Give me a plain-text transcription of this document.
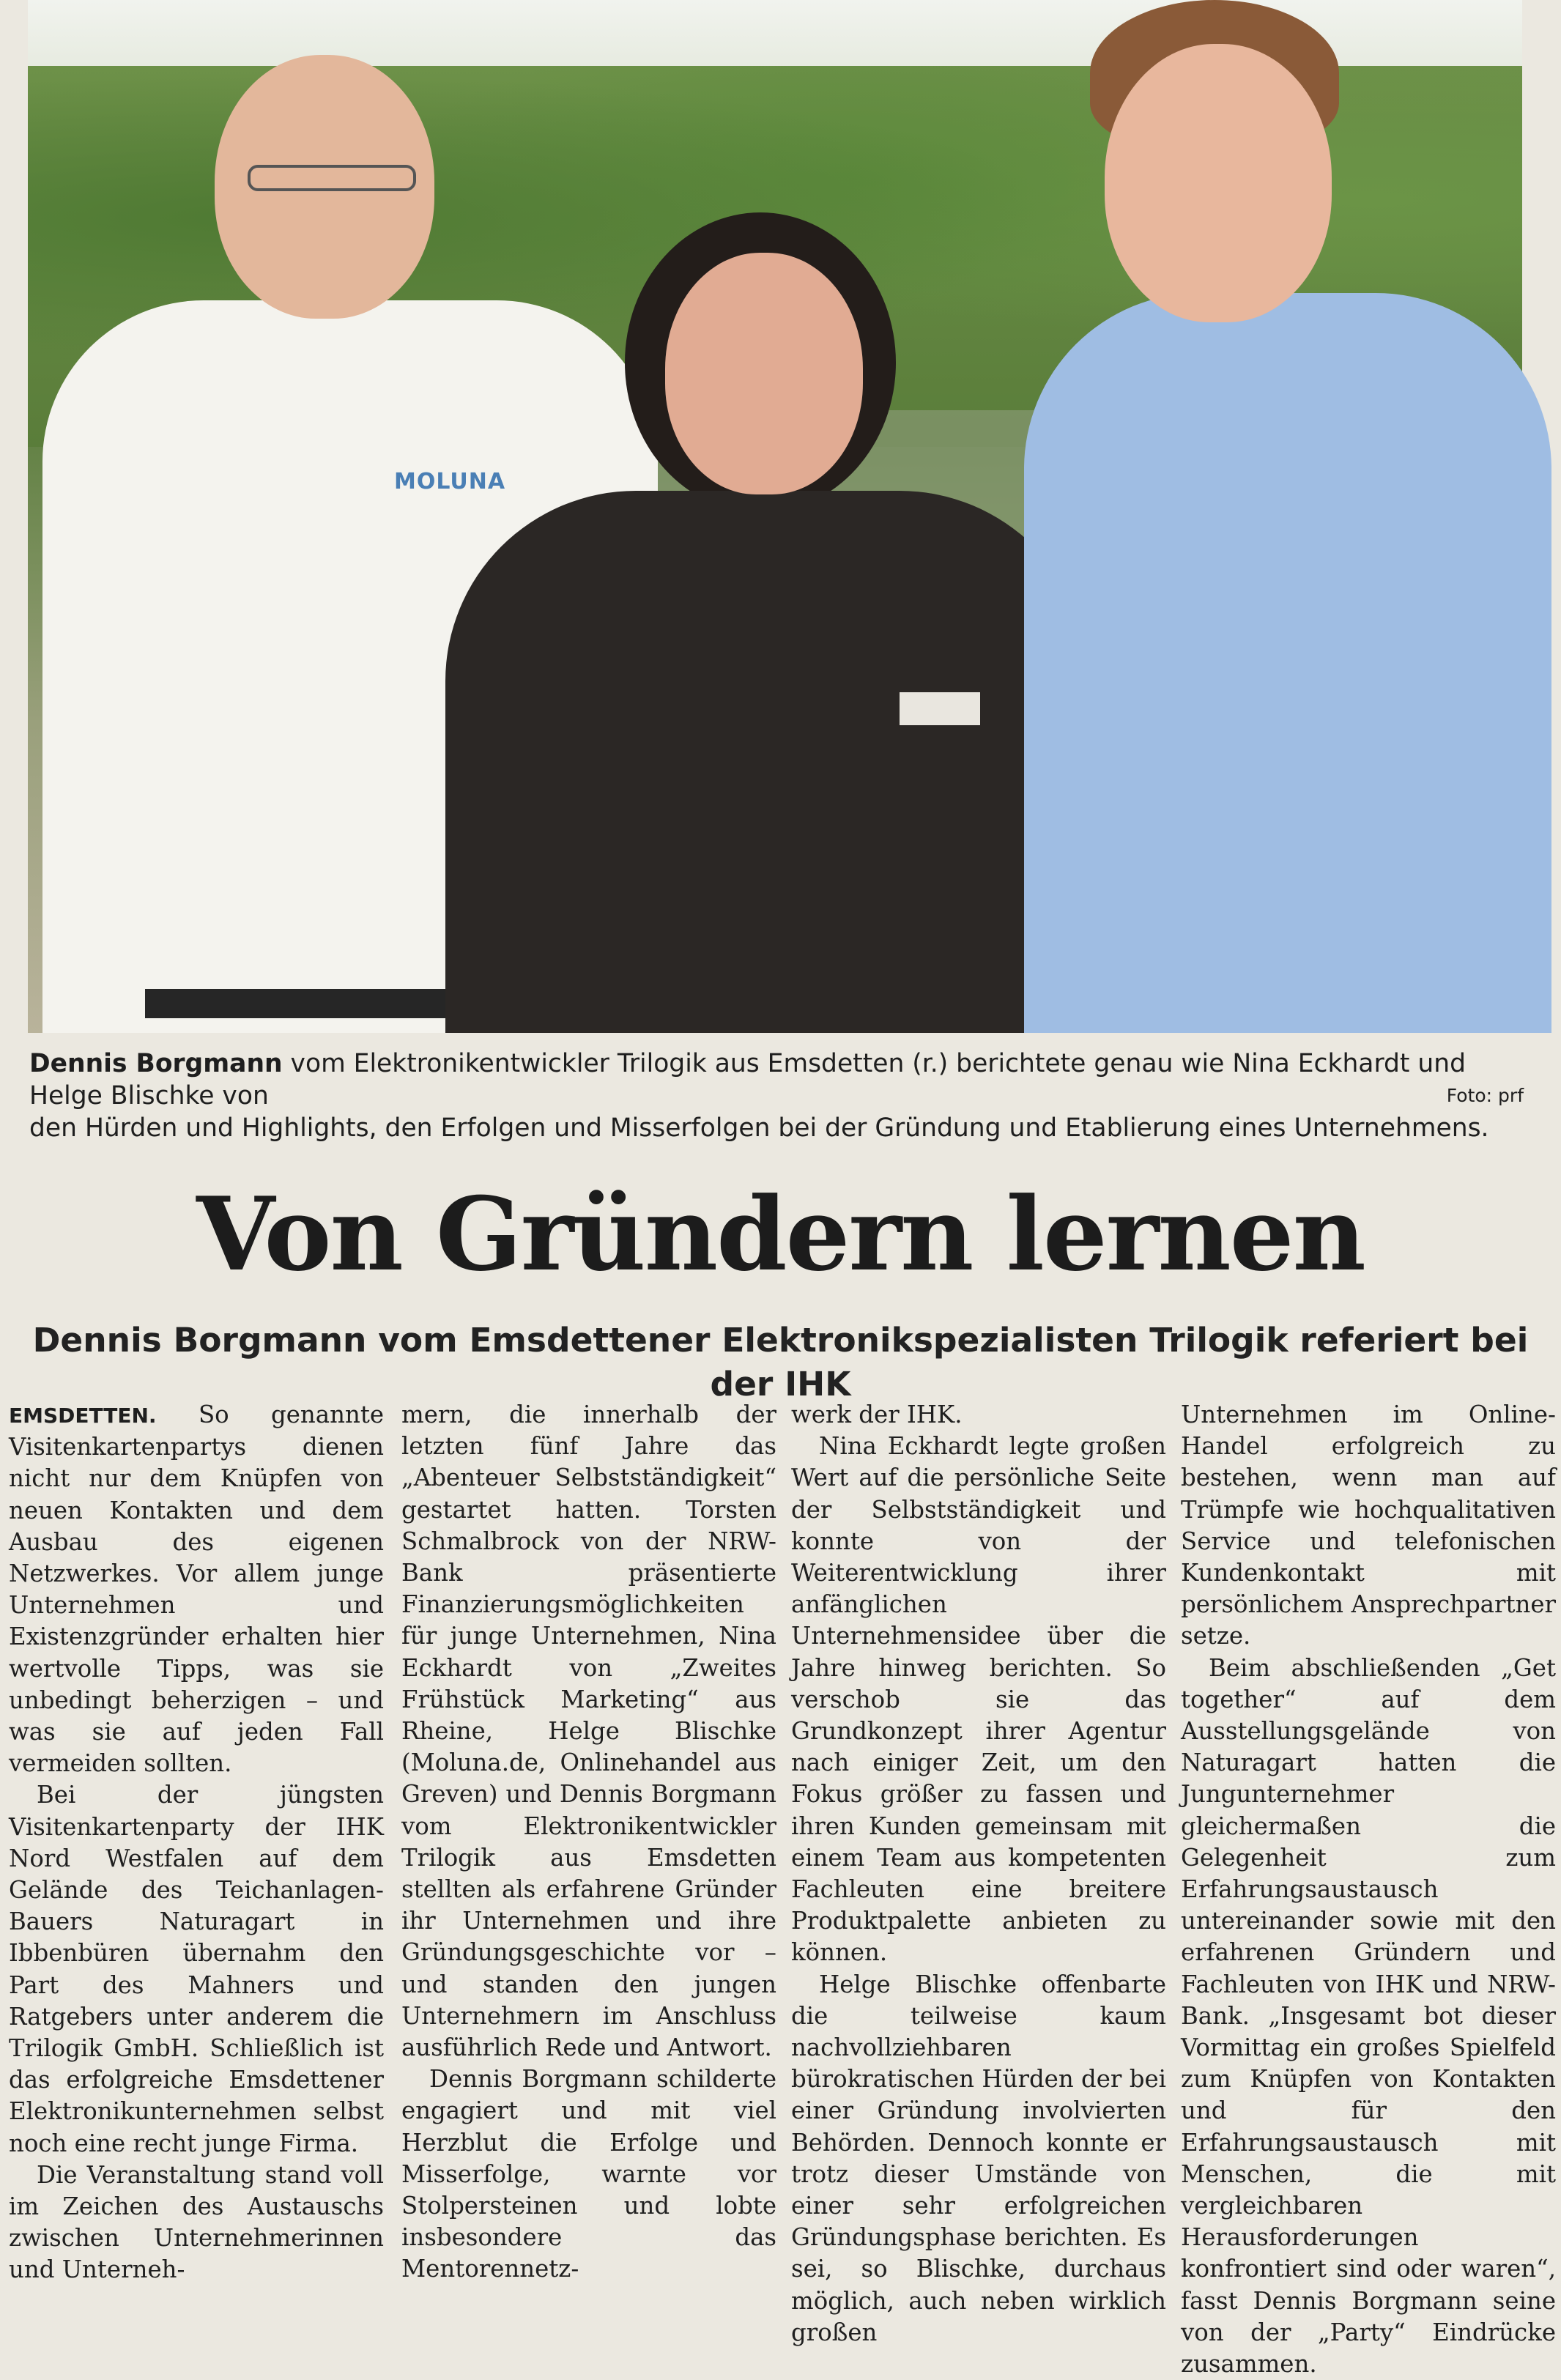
MOLUNA
Dennis Borgmann vom Elektronikentwickler Trilogik aus Emsdetten (r.) berichtete genau wie Nina Eckhardt und Helge Blischke von
den Hürden und Highlights, den Erfolgen und Misserfolgen bei der Gründung und Etablierung eines Unternehmens.
Foto: prf
Von Gründern lernen
Dennis Borgmann vom Emsdettener Elektronikspezialisten Trilogik referiert bei der IHK

EMSDETTEN. So genannte Visitenkartenpartys dienen nicht nur dem Knüpfen von neuen Kontakten und dem Ausbau des eigenen Netzwerkes. Vor allem junge Unternehmen und Existenzgründer erhalten hier wertvolle Tipps, was sie unbedingt beherzigen – und was sie auf jeden Fall vermeiden sollten.

Bei der jüngsten Visitenkartenparty der IHK Nord Westfalen auf dem Gelände des Teichanlagen-Bauers Naturagart in Ibbenbüren übernahm den Part des Mahners und Ratgebers unter anderem die Trilogik GmbH. Schließlich ist das erfolgreiche Emsdettener Elektronikunternehmen selbst noch eine recht junge Firma.

Die Veranstaltung stand voll im Zeichen des Austauschs zwischen Unternehmerinnen und Unterneh-

mern, die innerhalb der letzten fünf Jahre das „Abenteuer Selbstständigkeit“ gestartet hatten. Torsten Schmalbrock von der NRW-Bank präsentierte Finanzierungsmöglichkeiten für junge Unternehmen, Nina Eckhardt von „Zweites Frühstück Marketing“ aus Rheine, Helge Blischke (Moluna.de, Onlinehandel aus Greven) und Dennis Borgmann vom Elektronikentwickler Trilogik aus Emsdetten stellten als erfahrene Gründer ihr Unternehmen und ihre Gründungsgeschichte vor – und standen den jungen Unternehmern im Anschluss ausführlich Rede und Antwort.

Dennis Borgmann schilderte engagiert und mit viel Herzblut die Erfolge und Misserfolge, warnte vor Stolpersteinen und lobte insbesondere das Mentorennetz-

werk der IHK.

Nina Eckhardt legte großen Wert auf die persönliche Seite der Selbstständigkeit und konnte von der Weiterentwicklung ihrer anfänglichen Unternehmensidee über die Jahre hinweg berichten. So verschob sie das Grundkonzept ihrer Agentur nach einiger Zeit, um den Fokus größer zu fassen und ihren Kunden gemeinsam mit einem Team aus kompetenten Fachleuten eine breitere Produktpalette anbieten zu können.

Helge Blischke offenbarte die teilweise kaum nachvollziehbaren bürokratischen Hürden der bei einer Gründung involvierten Behörden. Dennoch konnte er trotz dieser Umstände von einer sehr erfolgreichen Gründungsphase berichten. Es sei, so Blischke, durchaus möglich, auch neben wirklich großen

Unternehmen im Online-Handel erfolgreich zu bestehen, wenn man auf Trümpfe wie hochqualitativen Service und telefonischen Kundenkontakt mit persönlichem Ansprechpartner setze.

Beim abschließenden „Get together“ auf dem Ausstellungsgelände von Naturagart hatten die Jungunternehmer gleichermaßen die Gelegenheit zum Erfahrungsaustausch untereinander sowie mit den erfahrenen Gründern und Fachleuten von IHK und NRW-Bank. „Insgesamt bot dieser Vormittag ein großes Spielfeld zum Knüpfen von Kontakten und für den Erfahrungsaustausch mit Menschen, die mit vergleichbaren Herausforderungen konfrontiert sind oder waren“, fasst Dennis Borgmann seine von der „Party“ Eindrücke zusammen.
